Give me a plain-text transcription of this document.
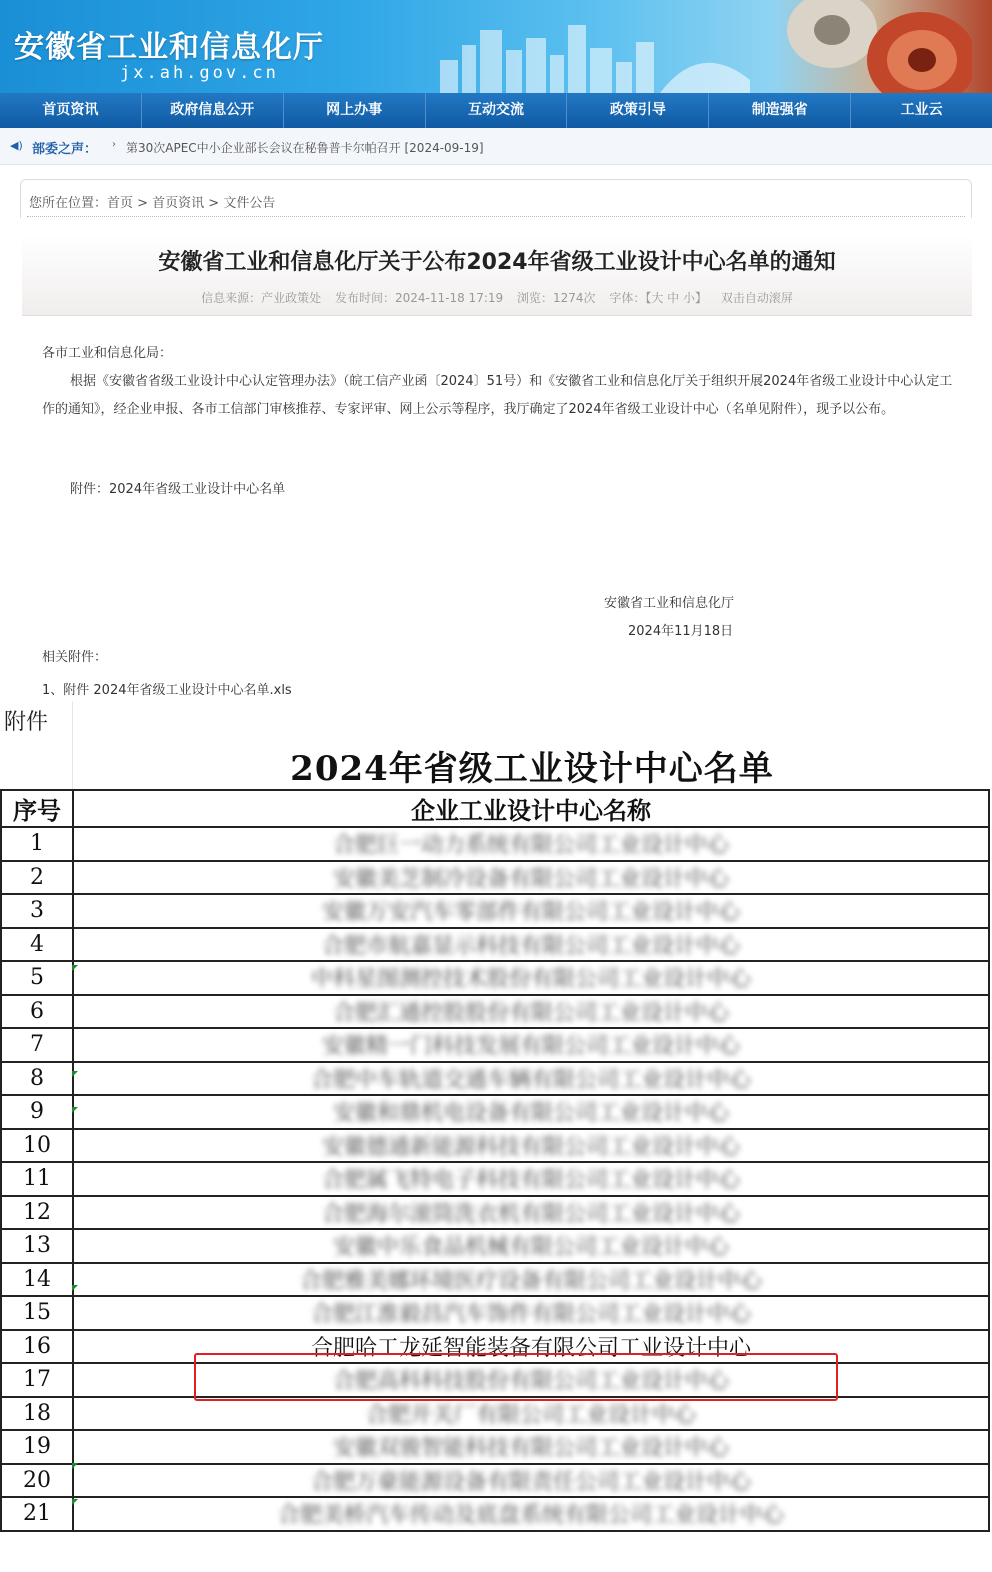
安徽省工业和信息化厅
jx.ah.gov.cn
首页资讯	政府信息公开	网上办事	互动交流	政策引导	制造强省	工业云
◀) 部委之声： › 第30次APEC中小企业部长会议在秘鲁普卡尔帕召开 [2024-09-19]
您所在位置：首页 > 首页资讯 > 文件公告
安徽省工业和信息化厅关于公布2024年省级工业设计中心名单的通知
信息来源：产业政策处 发布时间：2024-11-18 17:19 浏览：1274次 字体：【大 中 小】 双击自动滚屏

各市工业和信息化局：

根据《安徽省省级工业设计中心认定管理办法》（皖工信产业函〔2024〕51号）和《安徽省工业和信息化厅关于组织开展2024年省级工业设计中心认定工作的通知》，经企业申报、各市工信部门审核推荐、专家评审、网上公示等程序，我厅确定了2024年省级工业设计中心（名单见附件），现予以公布。

附件：2024年省级工业设计中心名单
安徽省工业和信息化厅
2024年11月18日
相关附件：
1、附件 2024年省级工业设计中心名单.xls
附件
2024年省级工业设计中心名单
序号	企业工业设计中心名称
1	合肥巨一动力系统有限公司工业设计中心
2	安徽美芝制冷设备有限公司工业设计中心
3	安徽万安汽车零部件有限公司工业设计中心
4	合肥市航嘉显示科技有限公司工业设计中心
5	中科星图测控技术股份有限公司工业设计中心
6	合肥汇通控股股份有限公司工业设计中心
7	安徽精一门科技发展有限公司工业设计中心
8	合肥中车轨道交通车辆有限公司工业设计中心
9	安徽和鼎机电设备有限公司工业设计中心
10	安徽德通新能源科技有限公司工业设计中心
11	合肥属飞特电子科技有限公司工业设计中心
12	合肥海尔滚筒洗衣机有限公司工业设计中心
13	安徽中乐食品机械有限公司工业设计中心
14	合肥雅美娜环境医疗设备有限公司工业设计中心
15	合肥江淮毅昌汽车饰件有限公司工业设计中心
16	合肥哈工龙延智能装备有限公司工业设计中心
17	合肥高科科技股份有限公司工业设计中心
18	合肥开关厂有限公司工业设计中心
19	安徽双骏智能科技有限公司工业设计中心
20	合肥万豪能源设备有限责任公司工业设计中心
21	合肥美桥汽车传动及底盘系统有限公司工业设计中心
